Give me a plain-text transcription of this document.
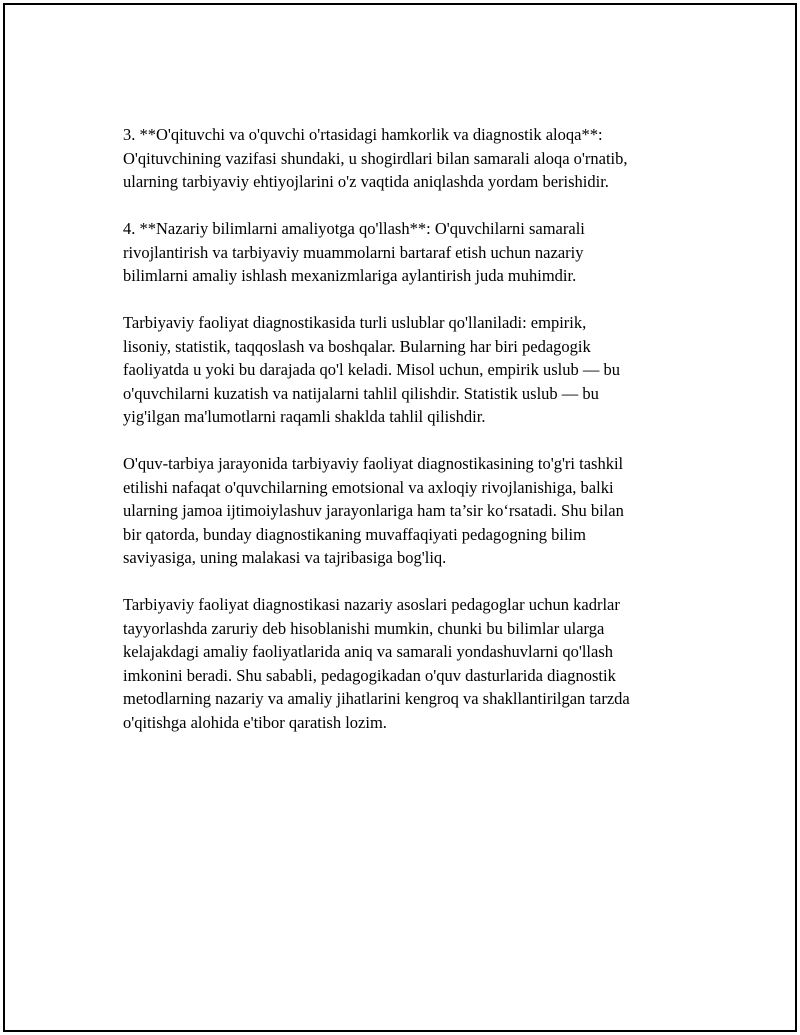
3. **O'qituvchi va o'quvchi o'rtasidagi hamkorlik va diagnostik aloqa**:
O'qituvchining vazifasi shundaki, u shogirdlari bilan samarali aloqa o'rnatib,
ularning tarbiyaviy ehtiyojlarini o'z vaqtida aniqlashda yordam berishidir.

4. **Nazariy bilimlarni amaliyotga qo'llash**: O'quvchilarni samarali
rivojlantirish va tarbiyaviy muammolarni bartaraf etish uchun nazariy
bilimlarni amaliy ishlash mexanizmlariga aylantirish juda muhimdir.

Tarbiyaviy faoliyat diagnostikasida turli uslublar qo'llaniladi: empirik,
lisoniy, statistik, taqqoslash va boshqalar. Bularning har biri pedagogik
faoliyatda u yoki bu darajada qo'l keladi. Misol uchun, empirik uslub — bu
o'quvchilarni kuzatish va natijalarni tahlil qilishdir. Statistik uslub — bu
yig'ilgan ma'lumotlarni raqamli shaklda tahlil qilishdir.

O'quv-tarbiya jarayonida tarbiyaviy faoliyat diagnostikasining to'g'ri tashkil
etilishi nafaqat o'quvchilarning emotsional va axloqiy rivojlanishiga, balki
ularning jamoa ijtimoiylashuv jarayonlariga ham ta’sir ko‘rsatadi. Shu bilan
bir qatorda, bunday diagnostikaning muvaffaqiyati pedagogning bilim
saviyasiga, uning malakasi va tajribasiga bog'liq.

Tarbiyaviy faoliyat diagnostikasi nazariy asoslari pedagoglar uchun kadrlar
tayyorlashda zaruriy deb hisoblanishi mumkin, chunki bu bilimlar ularga
kelajakdagi amaliy faoliyatlarida aniq va samarali yondashuvlarni qo'llash
imkonini beradi. Shu sababli, pedagogikadan o'quv dasturlarida diagnostik
metodlarning nazariy va amaliy jihatlarini kengroq va shakllantirilgan tarzda
o'qitishga alohida e'tibor qaratish lozim.
